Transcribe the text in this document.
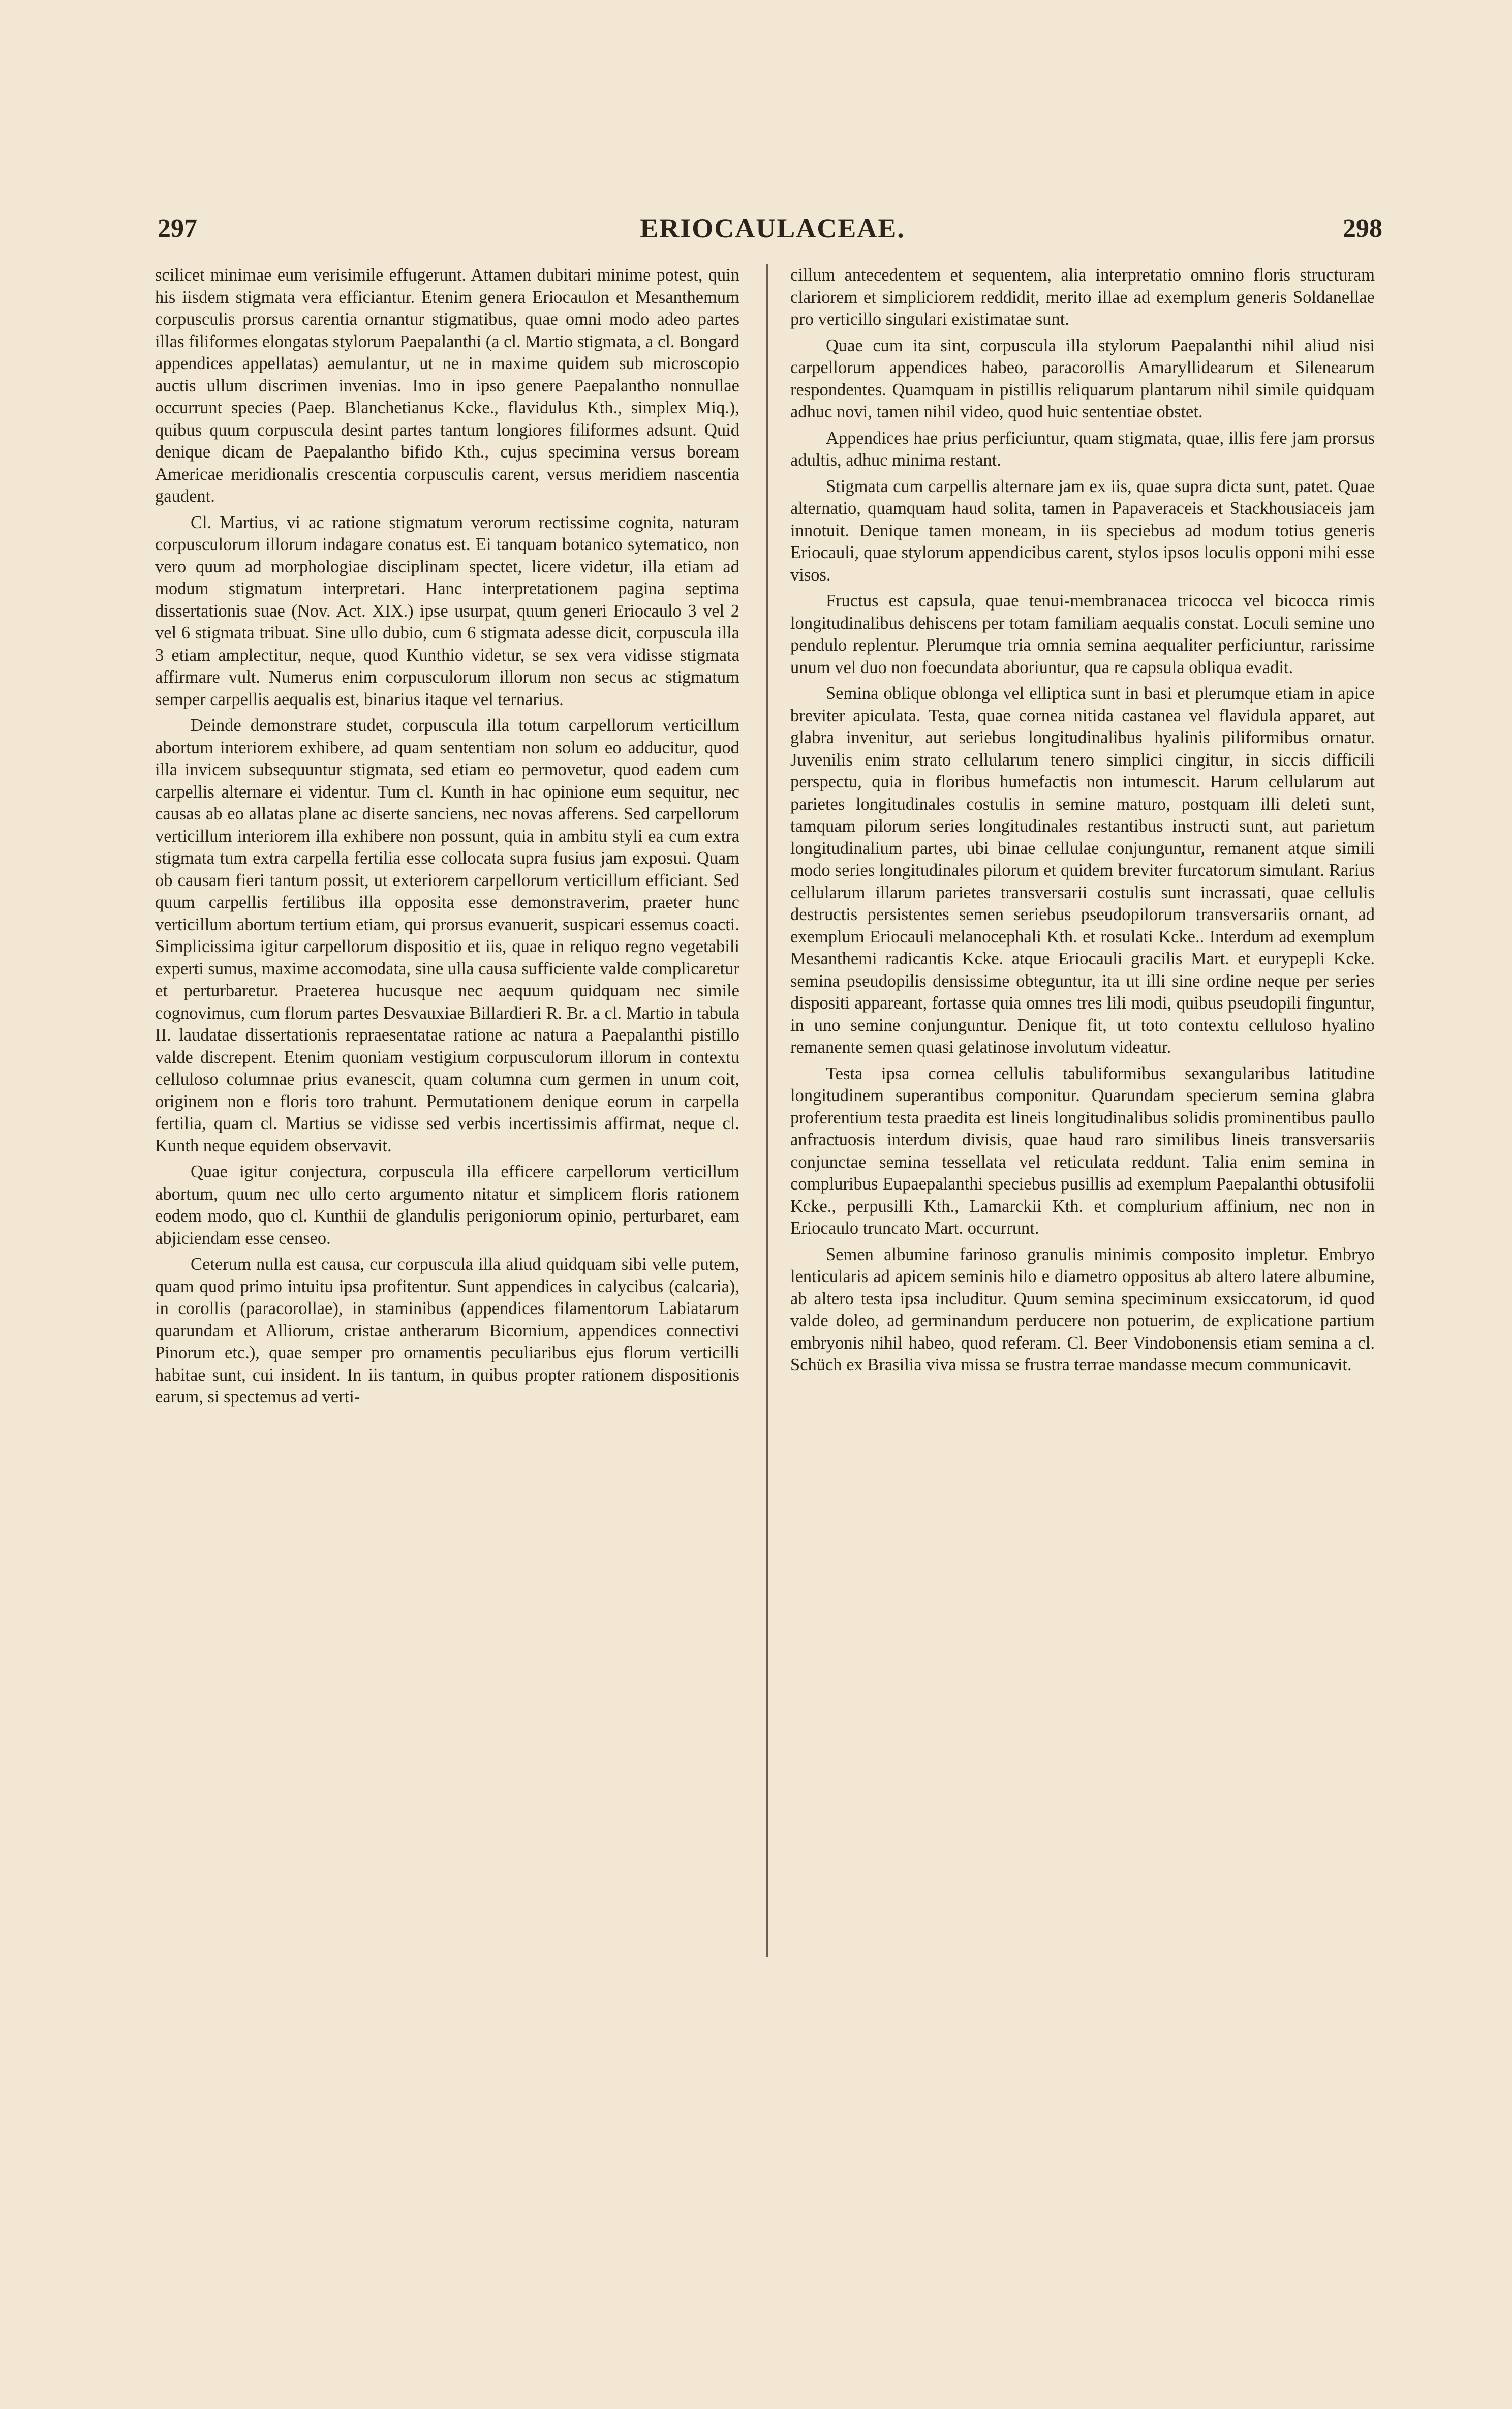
297	ERIOCAULACEAE.	298

scilicet minimae eum verisimile effugerunt. Attamen dubitari minime potest, quin his iisdem stigmata vera efficiantur. Etenim genera Eriocaulon et Mesanthemum corpusculis prorsus carentia ornantur stigmatibus, quae omni modo adeo partes illas filiformes elongatas stylorum Paepalanthi (a cl. Martio stigmata, a cl. Bongard appendices appellatas) aemulantur, ut ne in maxime quidem sub microscopio auctis ullum discrimen invenias. Imo in ipso genere Paepalantho nonnullae occurrunt species (Paep. Blanchetianus Kcke., flavidulus Kth., simplex Miq.), quibus quum corpuscula desint partes tantum longiores filiformes adsunt. Quid denique dicam de Paepalantho bifido Kth., cujus specimina versus boream Americae meridionalis crescentia corpusculis carent, versus meridiem nascentia gaudent.

Cl. Martius, vi ac ratione stigmatum verorum rectissime cognita, naturam corpusculorum illorum indagare conatus est. Ei tanquam botanico sytematico, non vero quum ad morphologiae disciplinam spectet, licere videtur, illa etiam ad modum stigmatum interpretari. Hanc interpretationem pagina septima dissertationis suae (Nov. Act. XIX.) ipse usurpat, quum generi Eriocaulo 3 vel 2 vel 6 stigmata tribuat. Sine ullo dubio, cum 6 stigmata adesse dicit, corpuscula illa 3 etiam amplectitur, neque, quod Kunthio videtur, se sex vera vidisse stigmata affirmare vult. Numerus enim corpusculorum illorum non secus ac stigmatum semper carpellis aequalis est, binarius itaque vel ternarius.

Deinde demonstrare studet, corpuscula illa totum carpellorum verticillum abortum interiorem exhibere, ad quam sententiam non solum eo adducitur, quod illa invicem subsequuntur stigmata, sed etiam eo permovetur, quod eadem cum carpellis alternare ei videntur. Tum cl. Kunth in hac opinione eum sequitur, nec causas ab eo allatas plane ac diserte sanciens, nec novas afferens. Sed carpellorum verticillum interiorem illa exhibere non possunt, quia in ambitu styli ea cum extra stigmata tum extra carpella fertilia esse collocata supra fusius jam exposui. Quam ob causam fieri tantum possit, ut exteriorem carpellorum verticillum efficiant. Sed quum carpellis fertilibus illa opposita esse demonstraverim, praeter hunc verticillum abortum tertium etiam, qui prorsus evanuerit, suspicari essemus coacti. Simplicissima igitur carpellorum dispositio et iis, quae in reliquo regno vegetabili experti sumus, maxime accomodata, sine ulla causa sufficiente valde complicaretur et perturbaretur. Praeterea hucusque nec aequum quidquam nec simile cognovimus, cum florum partes Desvauxiae Billardieri R. Br. a cl. Martio in tabula II. laudatae dissertationis repraesentatae ratione ac natura a Paepalanthi pistillo valde discrepent. Etenim quoniam vestigium corpusculorum illorum in contextu celluloso columnae prius evanescit, quam columna cum germen in unum coit, originem non e floris toro trahunt. Permutationem denique eorum in carpella fertilia, quam cl. Martius se vidisse sed verbis incertissimis affirmat, neque cl. Kunth neque equidem observavit.

Quae igitur conjectura, corpuscula illa efficere carpellorum verticillum abortum, quum nec ullo certo argumento nitatur et simplicem floris rationem eodem modo, quo cl. Kunthii de glandulis perigoniorum opinio, perturbaret, eam abjiciendam esse censeo.

Ceterum nulla est causa, cur corpuscula illa aliud quidquam sibi velle putem, quam quod primo intuitu ipsa profitentur. Sunt appendices in calycibus (calcaria), in corollis (paracorollae), in staminibus (appendices filamentorum Labiatarum quarundam et Alliorum, cristae antherarum Bicornium, appendices connectivi Pinorum etc.), quae semper pro ornamentis peculiaribus ejus florum verticilli habitae sunt, cui insident. In iis tantum, in quibus propter rationem dispositionis earum, si spectemus ad verti-

cillum antecedentem et sequentem, alia interpretatio omnino floris structuram clariorem et simpliciorem reddidit, merito illae ad exemplum generis Soldanellae pro verticillo singulari existimatae sunt.

Quae cum ita sint, corpuscula illa stylorum Paepalanthi nihil aliud nisi carpellorum appendices habeo, paracorollis Amaryllidearum et Silenearum respondentes. Quamquam in pistillis reliquarum plantarum nihil simile quidquam adhuc novi, tamen nihil video, quod huic sententiae obstet.

Appendices hae prius perficiuntur, quam stigmata, quae, illis fere jam prorsus adultis, adhuc minima restant.

Stigmata cum carpellis alternare jam ex iis, quae supra dicta sunt, patet. Quae alternatio, quamquam haud solita, tamen in Papaveraceis et Stackhousiaceis jam innotuit. Denique tamen moneam, in iis speciebus ad modum totius generis Eriocauli, quae stylorum appendicibus carent, stylos ipsos loculis opponi mihi esse visos.

Fructus est capsula, quae tenui-membranacea tricocca vel bicocca rimis longitudinalibus dehiscens per totam familiam aequalis constat. Loculi semine uno pendulo replentur. Plerumque tria omnia semina aequaliter perficiuntur, rarissime unum vel duo non foecundata aboriuntur, qua re capsula obliqua evadit.

Semina oblique oblonga vel elliptica sunt in basi et plerumque etiam in apice breviter apiculata. Testa, quae cornea nitida castanea vel flavidula apparet, aut glabra invenitur, aut seriebus longitudinalibus hyalinis piliformibus ornatur. Juvenilis enim strato cellularum tenero simplici cingitur, in siccis difficili perspectu, quia in floribus humefactis non intumescit. Harum cellularum aut parietes longitudinales costulis in semine maturo, postquam illi deleti sunt, tamquam pilorum series longitudinales restantibus instructi sunt, aut parietum longitudinalium partes, ubi binae cellulae conjunguntur, remanent atque simili modo series longitudinales pilorum et quidem breviter furcatorum simulant. Rarius cellularum illarum parietes transversarii costulis sunt incrassati, quae cellulis destructis persistentes semen seriebus pseudopilorum transversariis ornant, ad exemplum Eriocauli melanocephali Kth. et rosulati Kcke.. Interdum ad exemplum Mesanthemi radicantis Kcke. atque Eriocauli gracilis Mart. et eurypepli Kcke. semina pseudopilis densissime obteguntur, ita ut illi sine ordine neque per series dispositi appareant, fortasse quia omnes tres lili modi, quibus pseudopili finguntur, in uno semine conjunguntur. Denique fit, ut toto contextu celluloso hyalino remanente semen quasi gelatinose involutum videatur.

Testa ipsa cornea cellulis tabuliformibus sexangularibus latitudine longitudinem superantibus componitur. Quarundam specierum semina glabra proferentium testa praedita est lineis longitudinalibus solidis prominentibus paullo anfractuosis interdum divisis, quae haud raro similibus lineis transversariis conjunctae semina tessellata vel reticulata reddunt. Talia enim semina in compluribus Eupaepalanthi speciebus pusillis ad exemplum Paepalanthi obtusifolii Kcke., perpusilli Kth., Lamarckii Kth. et complurium affinium, nec non in Eriocaulo truncato Mart. occurrunt.

Semen albumine farinoso granulis minimis composito impletur. Embryo lenticularis ad apicem seminis hilo e diametro oppositus ab altero latere albumine, ab altero testa ipsa includitur. Quum semina speciminum exsiccatorum, id quod valde doleo, ad germinandum perducere non potuerim, de explicatione partium embryonis nihil habeo, quod referam. Cl. Beer Vindobonensis etiam semina a cl. Schüch ex Brasilia viva missa se frustra terrae mandasse mecum communicavit.
